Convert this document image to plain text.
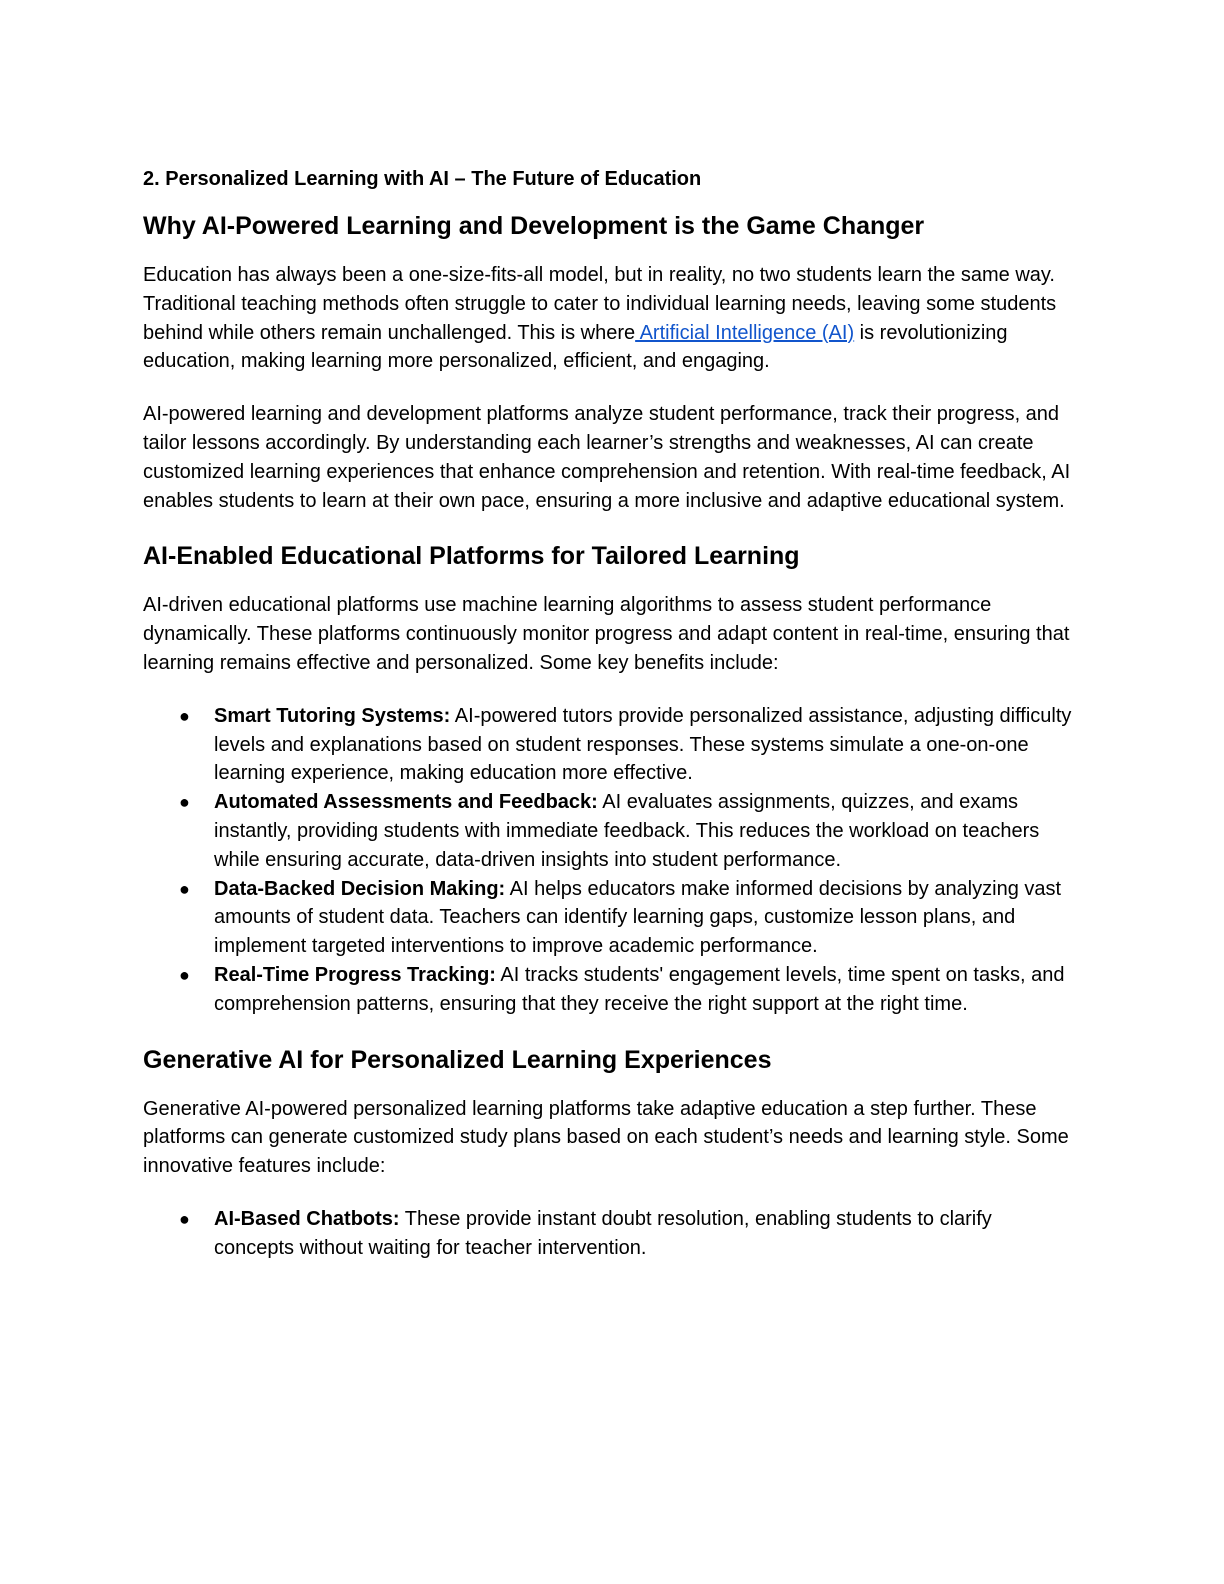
2. Personalized Learning with AI – The Future of Education
Why AI-Powered Learning and Development is the Game Changer

Education has always been a one-size-fits-all model, but in reality, no two students learn the same way. Traditional teaching methods often struggle to cater to individual learning needs, leaving some students behind while others remain unchallenged. This is where Artificial Intelligence (AI) is revolutionizing education, making learning more personalized, efficient, and engaging.

AI-powered learning and development platforms analyze student performance, track their progress, and tailor lessons accordingly. By understanding each learner’s strengths and weaknesses, AI can create customized learning experiences that enhance comprehension and retention. With real-time feedback, AI enables students to learn at their own pace, ensuring a more inclusive and adaptive educational system.

AI-Enabled Educational Platforms for Tailored Learning

AI-driven educational platforms use machine learning algorithms to assess student performance dynamically. These platforms continuously monitor progress and adapt content in real-time, ensuring that learning remains effective and personalized. Some key benefits include:

● Smart Tutoring Systems: AI-powered tutors provide personalized assistance, adjusting difficulty levels and explanations based on student responses. These systems simulate a one-on-one learning experience, making education more effective.
● Automated Assessments and Feedback: AI evaluates assignments, quizzes, and exams instantly, providing students with immediate feedback. This reduces the workload on teachers while ensuring accurate, data-driven insights into student performance.
● Data-Backed Decision Making: AI helps educators make informed decisions by analyzing vast amounts of student data. Teachers can identify learning gaps, customize lesson plans, and implement targeted interventions to improve academic performance.
● Real-Time Progress Tracking: AI tracks students' engagement levels, time spent on tasks, and comprehension patterns, ensuring that they receive the right support at the right time.
Generative AI for Personalized Learning Experiences

Generative AI-powered personalized learning platforms take adaptive education a step further. These platforms can generate customized study plans based on each student’s needs and learning style. Some innovative features include:

● AI-Based Chatbots: These provide instant doubt resolution, enabling students to clarify concepts without waiting for teacher intervention.
